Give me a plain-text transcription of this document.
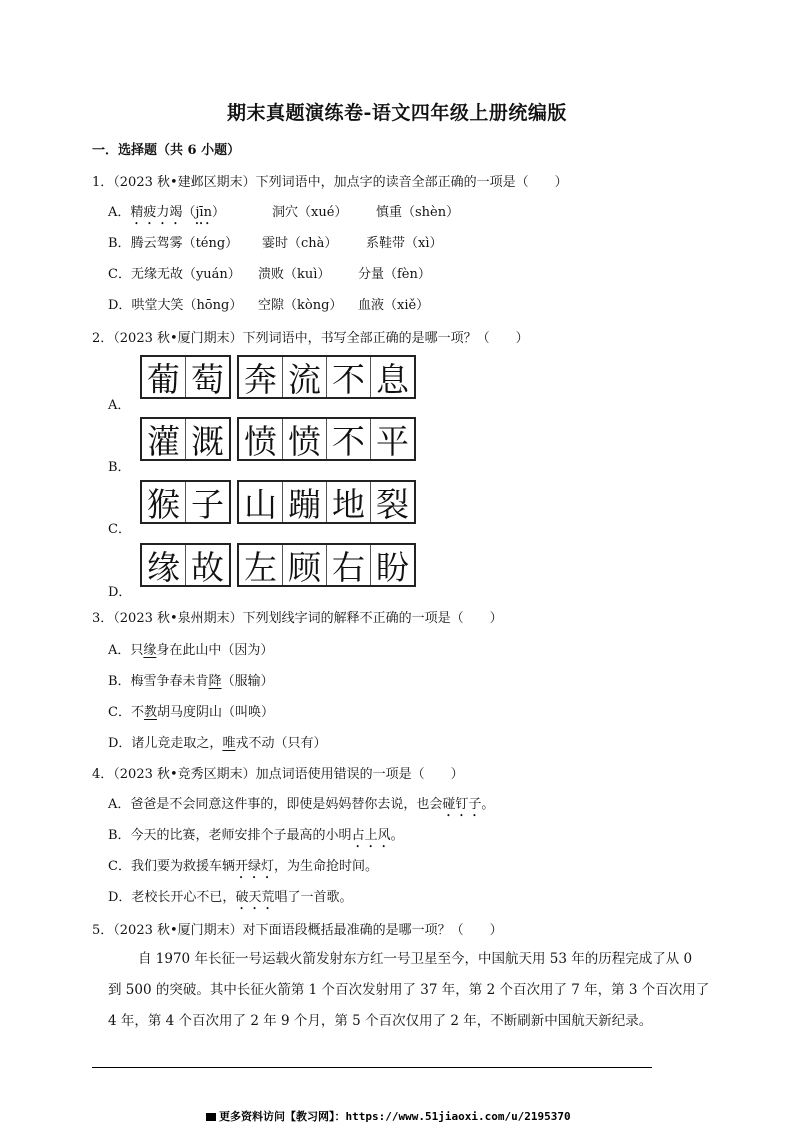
期末真题演练卷-语文四年级上册统编版
一．选择题（共 6 小题）
1．（2023 秋•建邺区期末）下列词语中，加点字的读音全部正确的一项是（　　）
A．精疲力竭（jīn）	洞穴（xué） 慎重（shèn）
B．腾云驾雾（téng） 霎时（chà） 系鞋带（xì）
C．无缘无故（yuán） 溃败（kuì） 分量（fèn）
D．哄堂大笑（hōng） 空隙（kòng） 血液（xiě）
2．（2023 秋•厦门期末）下列词语中，书写全部正确的是哪一项？（　　）
A．
葡 萄 奔 流 不 息
B．
灌 溉 愤 愤 不 平
C．
猴 子 山 蹦 地 裂
D．
缘 故 左 顾 右 盼
3．（2023 秋•泉州期末）下列划线字词的解释不正确的一项是（　　）
A．只缘身在此山中（因为）
B．梅雪争春未肯降（服输）
C．不教胡马度阴山（叫唤）
D．诸儿竞走取之，唯戎不动（只有）
4．（2023 秋•竞秀区期末）加点词语使用错误的一项是（　　）
A．爸爸是不会同意这件事的，即使是妈妈替你去说，也会碰钉子。
B．今天的比赛，老师安排个子最高的小明占上风。
C．我们要为救援车辆开绿灯，为生命抢时间。
D．老校长开心不已，破天荒唱了一首歌。
5．（2023 秋•厦门期末）对下面语段概括最准确的是哪一项？（　　）
自 1970 年长征一号运载火箭发射东方红一号卫星至今，中国航天用 53 年的历程完成了从 0
到 500 的突破。其中长征火箭第 1 个百次发射用了 37 年，第 2 个百次用了 7 年，第 3 个百次用了
4 年，第 4 个百次用了 2 年 9 个月，第 5 个百次仅用了 2 年，不断刷新中国航天新纪录。
更多资料访问【教习网】：https://www.51jiaoxi.com/u/2195370
